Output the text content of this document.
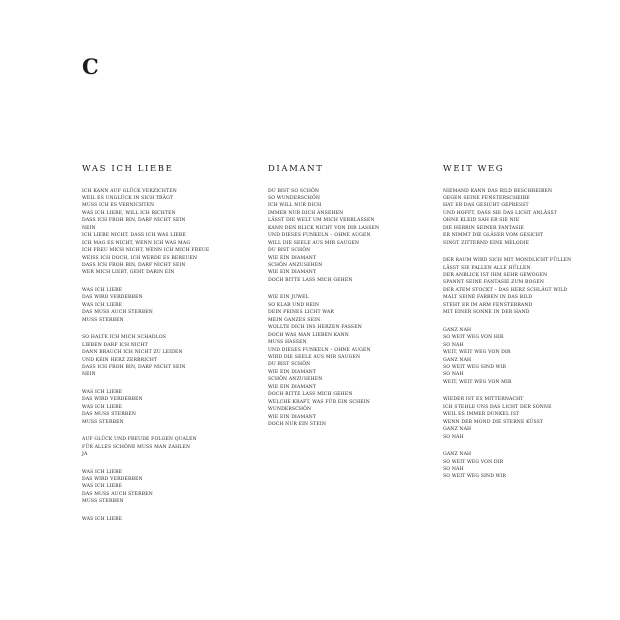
C
WAS ICH LIEBE
ICH KANN AUF GLÜCK VERZICHTEN
WEIL ES UNGLÜCK IN SICH TRÄGT
MUSS ICH ES VERNICHTEN
WAS ICH LIEBE, WILL ICH RICHTEN
DASS ICH FROH BIN, DARF NICHT SEIN
NEIN
ICH LIEBE NICHT, DASS ICH WAS LIEBE
ICH MAG ES NICHT, WENN ICH WAS MAG
ICH FREU MICH NICHT, WENN ICH MICH FREUE
WEISS ICH DOCH, ICH WERDE ES BEREUEN
DASS ICH FROH BIN, DARF NICHT SEIN
WER MICH LIEBT, GEHT DARIN EIN
WAS ICH LIEBE
DAS WIRD VERDERBEN
WAS ICH LIEBE
DAS MUSS AUCH STERBEN
MUSS STERBEN
SO HALTE ICH MICH SCHADLOS
LIEBEN DARF ICH NICHT
DANN BRAUCH ICH NICHT ZU LEIDEN
UND KEIN HERZ ZERBRICHT
DASS ICH FROH BIN, DARF NICHT SEIN
NEIN
WAS ICH LIEBE
DAS WIRD VERDERBEN
WAS ICH LIEBE
DAS MUSS STERBEN
MUSS STERBEN
AUF GLÜCK UND FREUDE FOLGEN QUALEN
FÜR ALLES SCHÖNE MUSS MAN ZAHLEN
JA
WAS ICH LIEBE
DAS WIRD VERDERBEN
WAS ICH LIEBE
DAS MUSS AUCH STERBEN
MUSS STERBEN
WAS ICH LIEBE
DIAMANT
DU BIST SO SCHÖN
SO WUNDERSCHÖN
ICH WILL NUR DICH
IMMER NUR DICH ANSEHEN
LÄSST DIE WELT UM MICH VERBLASSEN
KANN DEN BLICK NICHT VON DIR LASSEN
UND DIESES FUNKELN – OHNE AUGEN
WILL DIE SEELE AUS MIR SAUGEN
DU BIST SCHÖN
WIE EIN DIAMANT
SCHÖN ANZUSEHEN
WIE EIN DIAMANT
DOCH BITTE LASS MICH GEHEN
WIE EIN JUWEL
SO KLAR UND REIN
DEIN FEINES LICHT WAR
MEIN GANZES SEIN
WOLLTE DICH INS HERZEN FASSEN
DOCH WAS MAN LIEBEN KANN
MUSS HASSEN
UND DIESES FUNKELN – OHNE AUGEN
WIRD DIE SEELE AUS MIR SAUGEN
DU BIST SCHÖN
WIE EIN DIAMANT
SCHÖN ANZUSEHEN
WIE EIN DIAMANT
DOCH BITTE LASS MICH GEHEN
WELCHE KRAFT, WAS FÜR EIN SCHEIN
WUNDERSCHÖN
WIE EIN DIAMANT
DOCH NUR EIN STEIN
WEIT WEG
NIEMAND KANN DAS BILD BESCHREIBEN
GEGEN SEINE FENSTERSCHEIBE
HAT ER DAS GESICHT GEPRESST
UND HOFFT, DASS SIE DAS LICHT ANLÄSST
OHNE KLEID SAH ER SIE NIE
DIE HERRIN SEINER FANTASIE
ER NIMMT DIE GLÄSER VOM GESICHT
SINGT ZITTERND EINE MELODIE
DER RAUM WIRD SICH MIT MONDLICHT FÜLLEN
LÄSST SIE FALLEN ALLE HÜLLEN
DER ANBLICK IST IHM SEHR GEWOGEN
SPANNT SEINE FANTASIE ZUM BOGEN
DER ATEM STOCKT – DAS HERZ SCHLÄGT WILD
MALT SEINE FARBEN IN DAS BILD
STEHT ER IM ARM FENSTERRAND
MIT EINER SONNE IN DER HAND
GANZ NAH
SO WEIT WEG VON HIR
SO NAH
WEIT, WEIT WEG VON DIR
GANZ NAH
SO WEIT WEG SIND WIR
SO NAH
WEIT, WEIT WEG VON MIR
WIEDER IST ES MITTERNACHT
ICH STEHLE UNS DAS LICHT DER SONNE
WEIL ES IMMER DUNKEL IST
WENN DER MOND DIE STERNE KÜSST
GANZ NAH
SO NAH
GANZ NAH
SO WEIT WEG VON DIR
SO NAH
SO WEIT WEG SIND WIR
